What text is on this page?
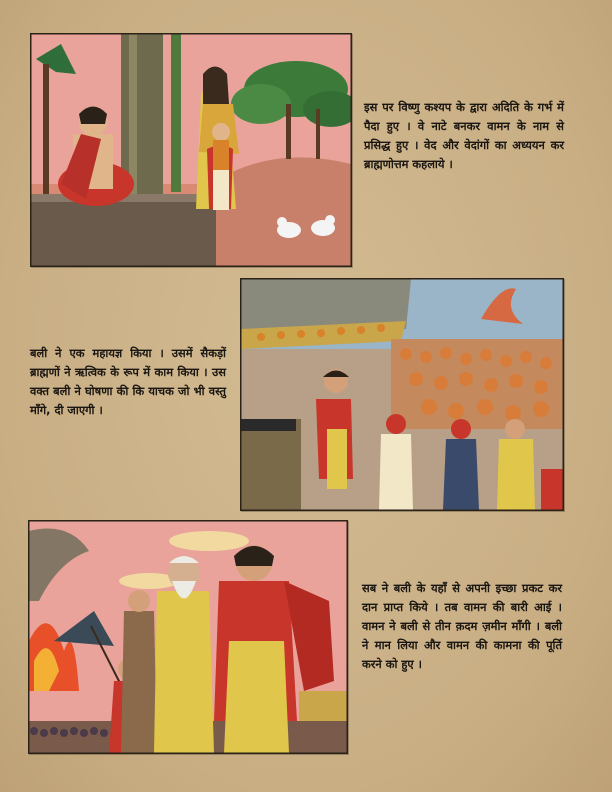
इस पर विष्णु कश्यप के द्वारा अदिति के गर्भ में पैदा हुए । वे नाटे बनकर वामन के नाम से प्रसिद्ध हुए । वेद और वेदांगों का अध्ययन कर ब्राह्मणोत्तम कहलाये ।

बली ने एक महायज्ञ किया । उसमें सैकड़ों ब्राह्मणों ने ऋत्विक के रूप में काम किया । उस वक्त बली ने घोषणा की कि याचक जो भी वस्तु माँगे, दी जाएगी ।

सब ने बली के यहाँ से अपनी इच्छा प्रकट कर दान प्राप्त किये । तब वामन की बारी आई । वामन ने बली से तीन क़दम ज़मीन माँगी । बली ने मान लिया और वामन की कामना की पूर्ति करने को हुए ।
